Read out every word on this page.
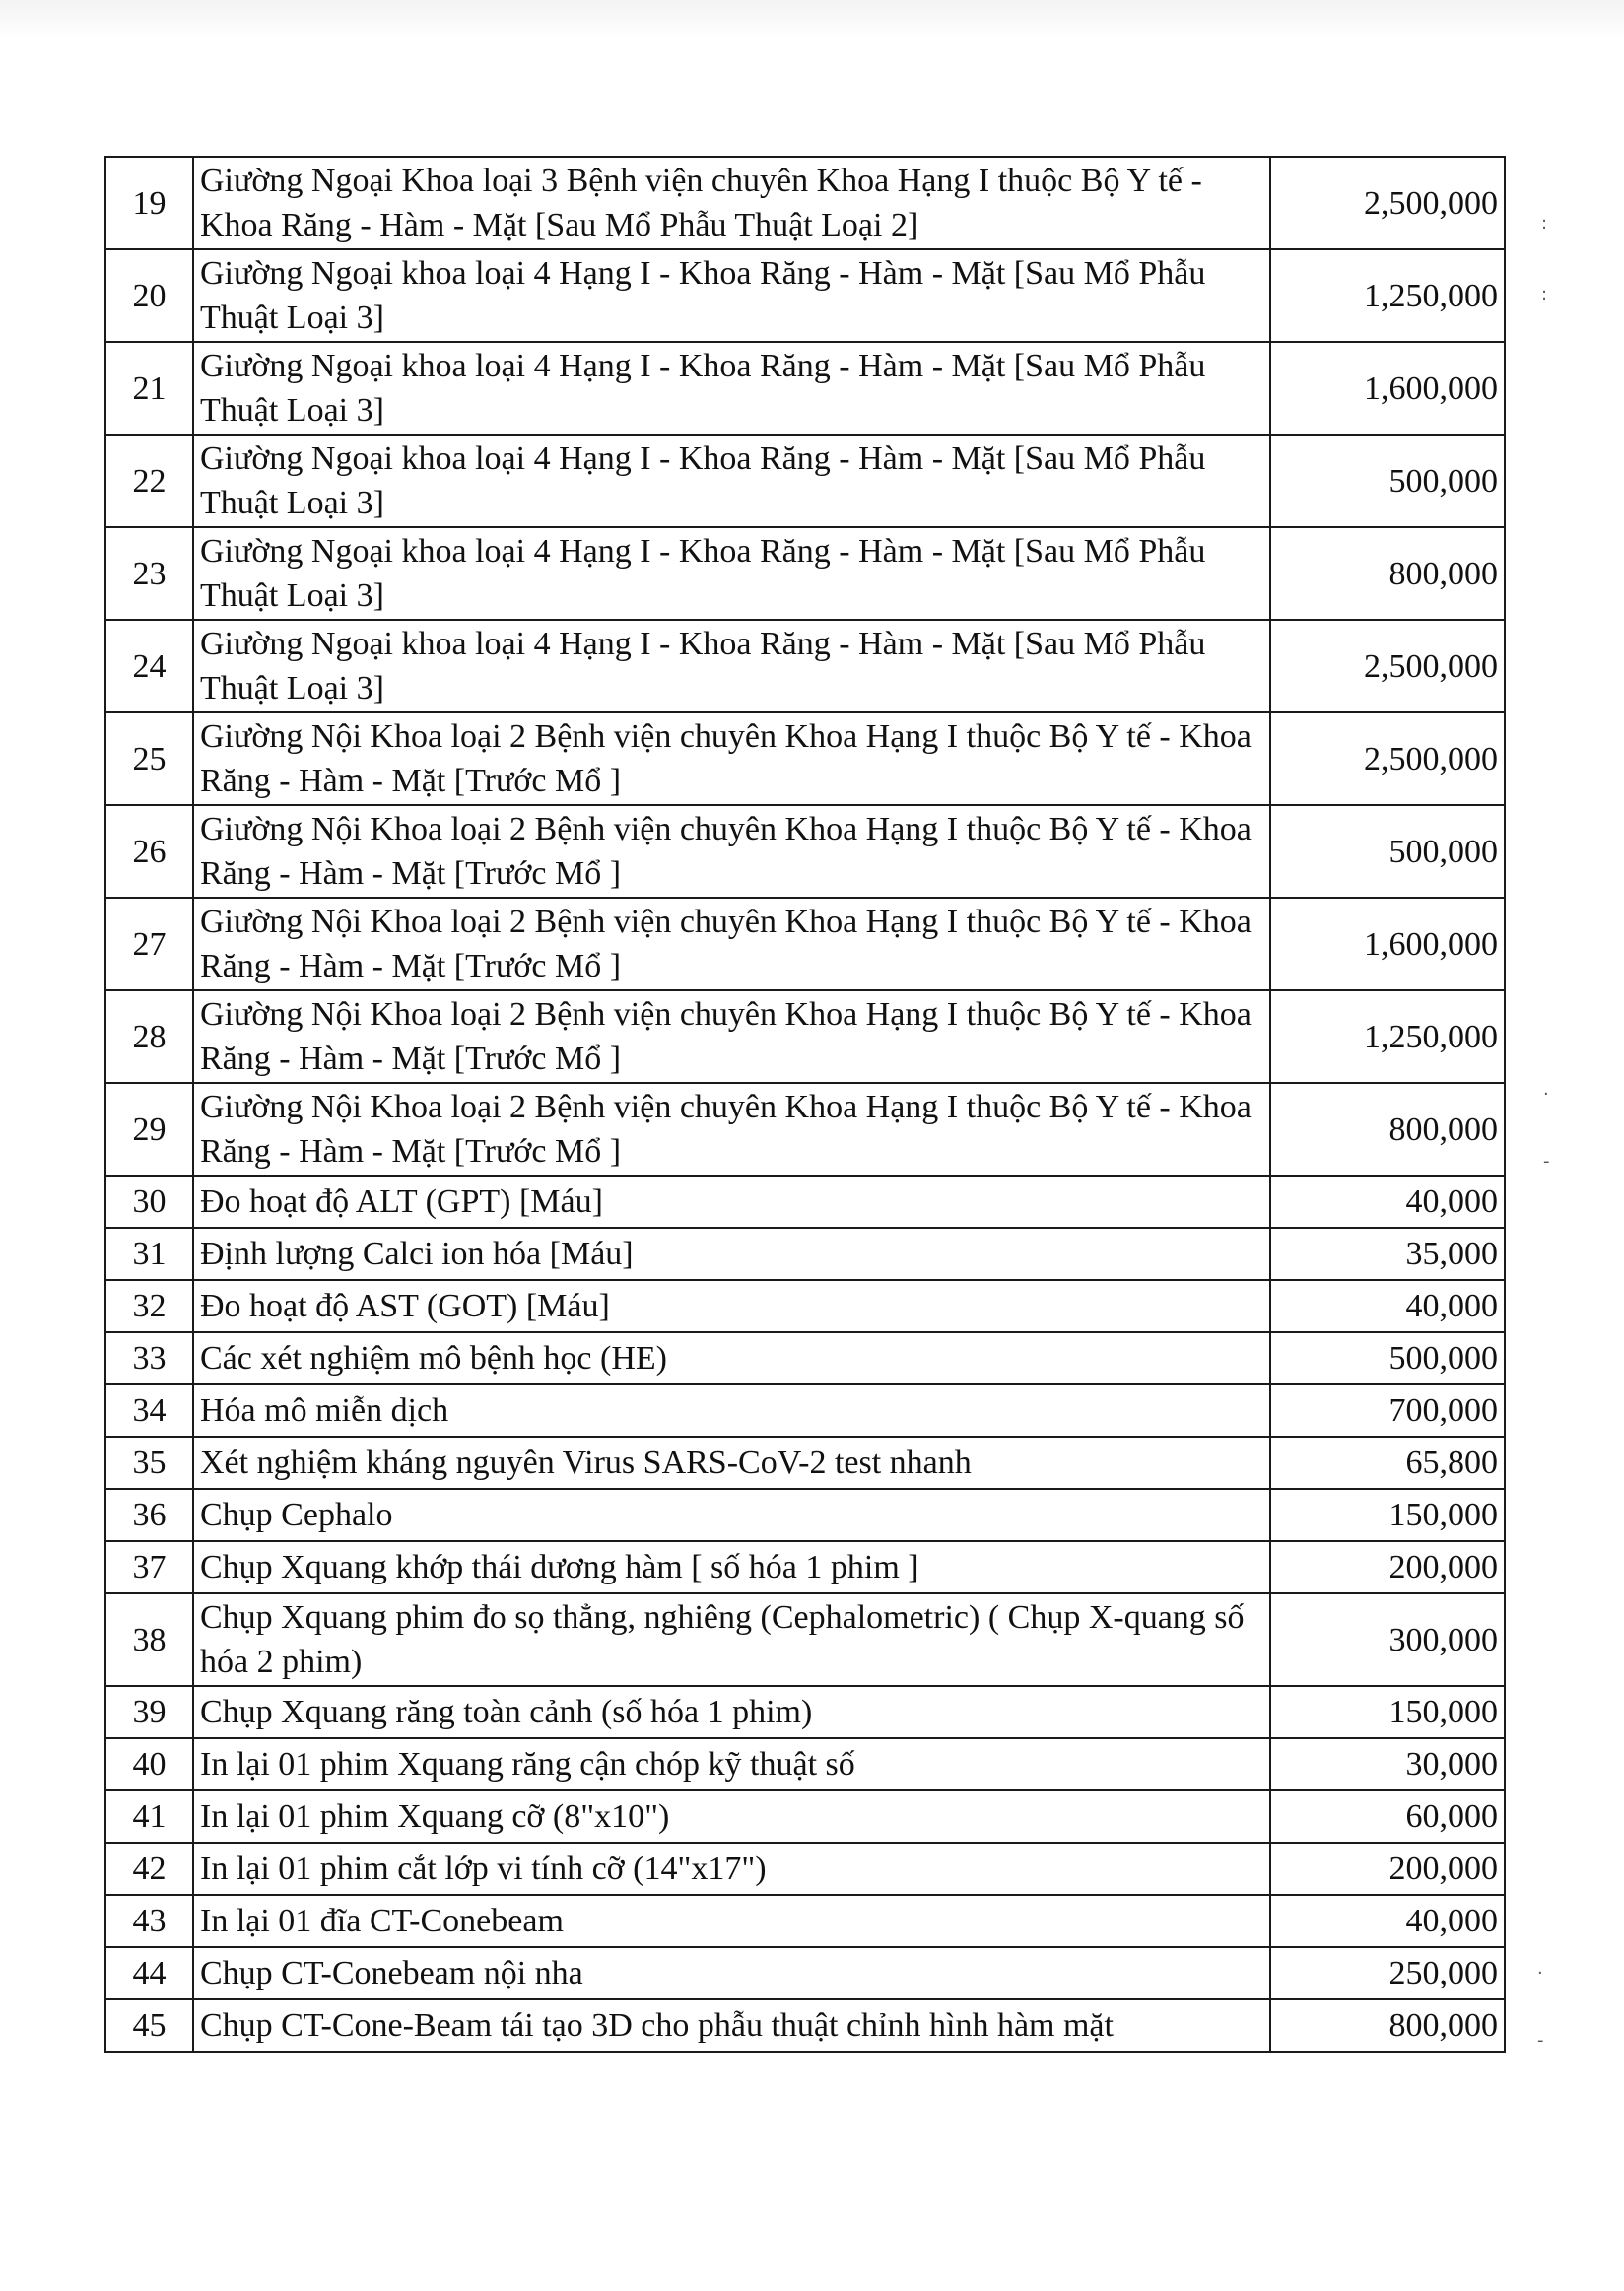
19	Giường Ngoại Khoa loại 3 Bệnh viện chuyên Khoa Hạng I thuộc Bộ Y tế - Khoa Răng - Hàm - Mặt [Sau Mổ Phẫu Thuật Loại 2]	2,500,000
20	Giường Ngoại khoa loại 4 Hạng I - Khoa Răng - Hàm - Mặt [Sau Mổ Phẫu Thuật Loại 3]	1,250,000
21	Giường Ngoại khoa loại 4 Hạng I - Khoa Răng - Hàm - Mặt [Sau Mổ Phẫu Thuật Loại 3]	1,600,000
22	Giường Ngoại khoa loại 4 Hạng I - Khoa Răng - Hàm - Mặt [Sau Mổ Phẫu Thuật Loại 3]	500,000
23	Giường Ngoại khoa loại 4 Hạng I - Khoa Răng - Hàm - Mặt [Sau Mổ Phẫu Thuật Loại 3]	800,000
24	Giường Ngoại khoa loại 4 Hạng I - Khoa Răng - Hàm - Mặt [Sau Mổ Phẫu Thuật Loại 3]	2,500,000
25	Giường Nội Khoa loại 2 Bệnh viện chuyên Khoa Hạng I thuộc Bộ Y tế - Khoa Răng - Hàm - Mặt [Trước Mổ ]	2,500,000
26	Giường Nội Khoa loại 2 Bệnh viện chuyên Khoa Hạng I thuộc Bộ Y tế - Khoa Răng - Hàm - Mặt [Trước Mổ ]	500,000
27	Giường Nội Khoa loại 2 Bệnh viện chuyên Khoa Hạng I thuộc Bộ Y tế - Khoa Răng - Hàm - Mặt [Trước Mổ ]	1,600,000
28	Giường Nội Khoa loại 2 Bệnh viện chuyên Khoa Hạng I thuộc Bộ Y tế - Khoa Răng - Hàm - Mặt [Trước Mổ ]	1,250,000
29	Giường Nội Khoa loại 2 Bệnh viện chuyên Khoa Hạng I thuộc Bộ Y tế - Khoa Răng - Hàm - Mặt [Trước Mổ ]	800,000
30	Đo hoạt độ ALT (GPT) [Máu]	40,000
31	Định lượng Calci ion hóa [Máu]	35,000
32	Đo hoạt độ AST (GOT) [Máu]	40,000
33	Các xét nghiệm mô bệnh học (HE)	500,000
34	Hóa mô miễn dịch	700,000
35	Xét nghiệm kháng nguyên Virus SARS-CoV-2 test nhanh	65,800
36	Chụp Cephalo	150,000
37	Chụp Xquang khớp thái dương hàm [ số hóa 1 phim ]	200,000
38	Chụp Xquang phim đo sọ thẳng, nghiêng (Cephalometric) ( Chụp X-quang số hóa 2 phim)	300,000
39	Chụp Xquang răng toàn cảnh (số hóa 1 phim)	150,000
40	In lại 01 phim Xquang răng cận chóp kỹ thuật số	30,000
41	In lại 01 phim Xquang cỡ (8"x10")	60,000
42	In lại 01 phim cắt lớp vi tính cỡ (14"x17")	200,000
43	In lại 01 đĩa CT-Conebeam	40,000
44	Chụp CT-Conebeam nội nha	250,000
45	Chụp CT-Cone-Beam tái tạo 3D cho phẫu thuật chỉnh hình hàm mặt	800,000
:
:
·
-
·
-
